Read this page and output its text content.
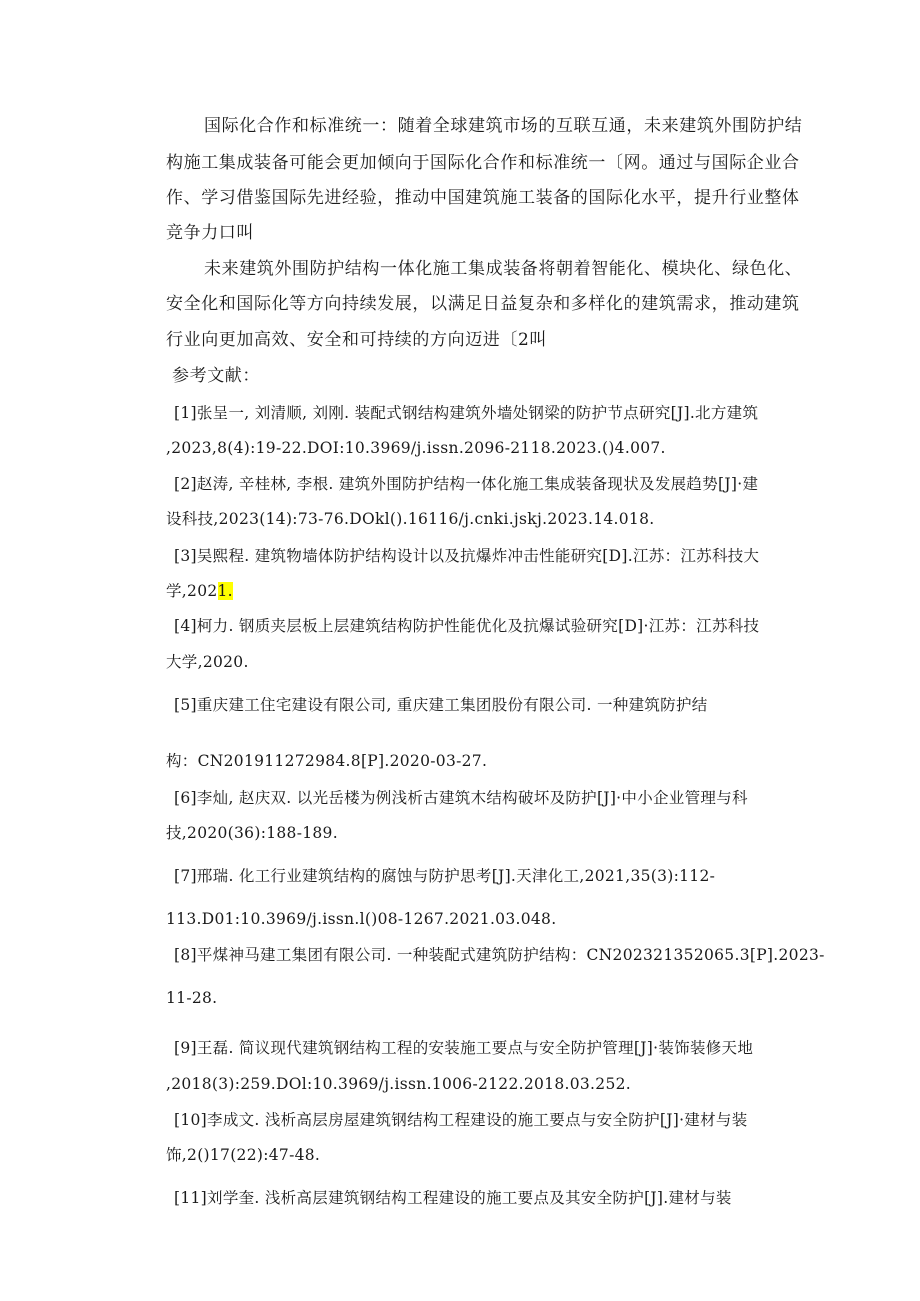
国际化合作和标准统一：随着全球建筑市场的互联互通，未来建筑外围防护结
构施工集成装备可能会更加倾向于国际化合作和标准统一〔网。通过与国际企业合
作、学习借鉴国际先进经验，推动中国建筑施工装备的国际化水平，提升行业整体
竞争力口叫
未来建筑外围防护结构一体化施工集成装备将朝着智能化、模块化、绿色化、
安全化和国际化等方向持续发展，以满足日益复杂和多样化的建筑需求，推动建筑
行业向更加高效、安全和可持续的方向迈进〔2叫
参考文献：
[1]张呈一, 刘清顺, 刘刚. 装配式钢结构建筑外墙处钢梁的防护节点研究[J].北方建筑
,2023,8(4):19-22.DOI:10.3969/j.issn.2096-2118.2023.()4.007.
[2]赵涛, 辛桂林, 李根. 建筑外围防护结构一体化施工集成装备现状及发展趋势[J]·建
设科技,2023(14):73-76.DOkl().16116/j.cnki.jskj.2023.14.018.
[3]吴熙程. 建筑物墙体防护结构设计以及抗爆炸冲击性能研究[D].江苏：江苏科技大
学,2021.
[4]柯力. 钢质夹层板上层建筑结构防护性能优化及抗爆试验研究[D]·江苏：江苏科技
大学,2020.
[5]重庆建工住宅建设有限公司, 重庆建工集团股份有限公司. 一种建筑防护结
构：CN201911272984.8[P].2020-03-27.
[6]李灿, 赵庆双. 以光岳楼为例浅析古建筑木结构破坏及防护[J]·中小企业管理与科
技,2020(36):188-189.
[7]邢瑞. 化工行业建筑结构的腐蚀与防护思考[J].天津化工,2021,35(3):112-
113.D01:10.3969/j.issn.l()08-1267.2021.03.048.
[8]平煤神马建工集团有限公司. 一种装配式建筑防护结构：CN202321352065.3[P].2023-
11-28.
[9]王磊. 简议现代建筑钢结构工程的安装施工要点与安全防护管理[J]·装饰装修天地
,2018(3):259.DOl:10.3969/j.issn.1006-2122.2018.03.252.
[10]李成文. 浅析高层房屋建筑钢结构工程建设的施工要点与安全防护[J]·建材与装
饰,2()17(22):47-48.
[11]刘学奎. 浅析高层建筑钢结构工程建设的施工要点及其安全防护[J].建材与装
